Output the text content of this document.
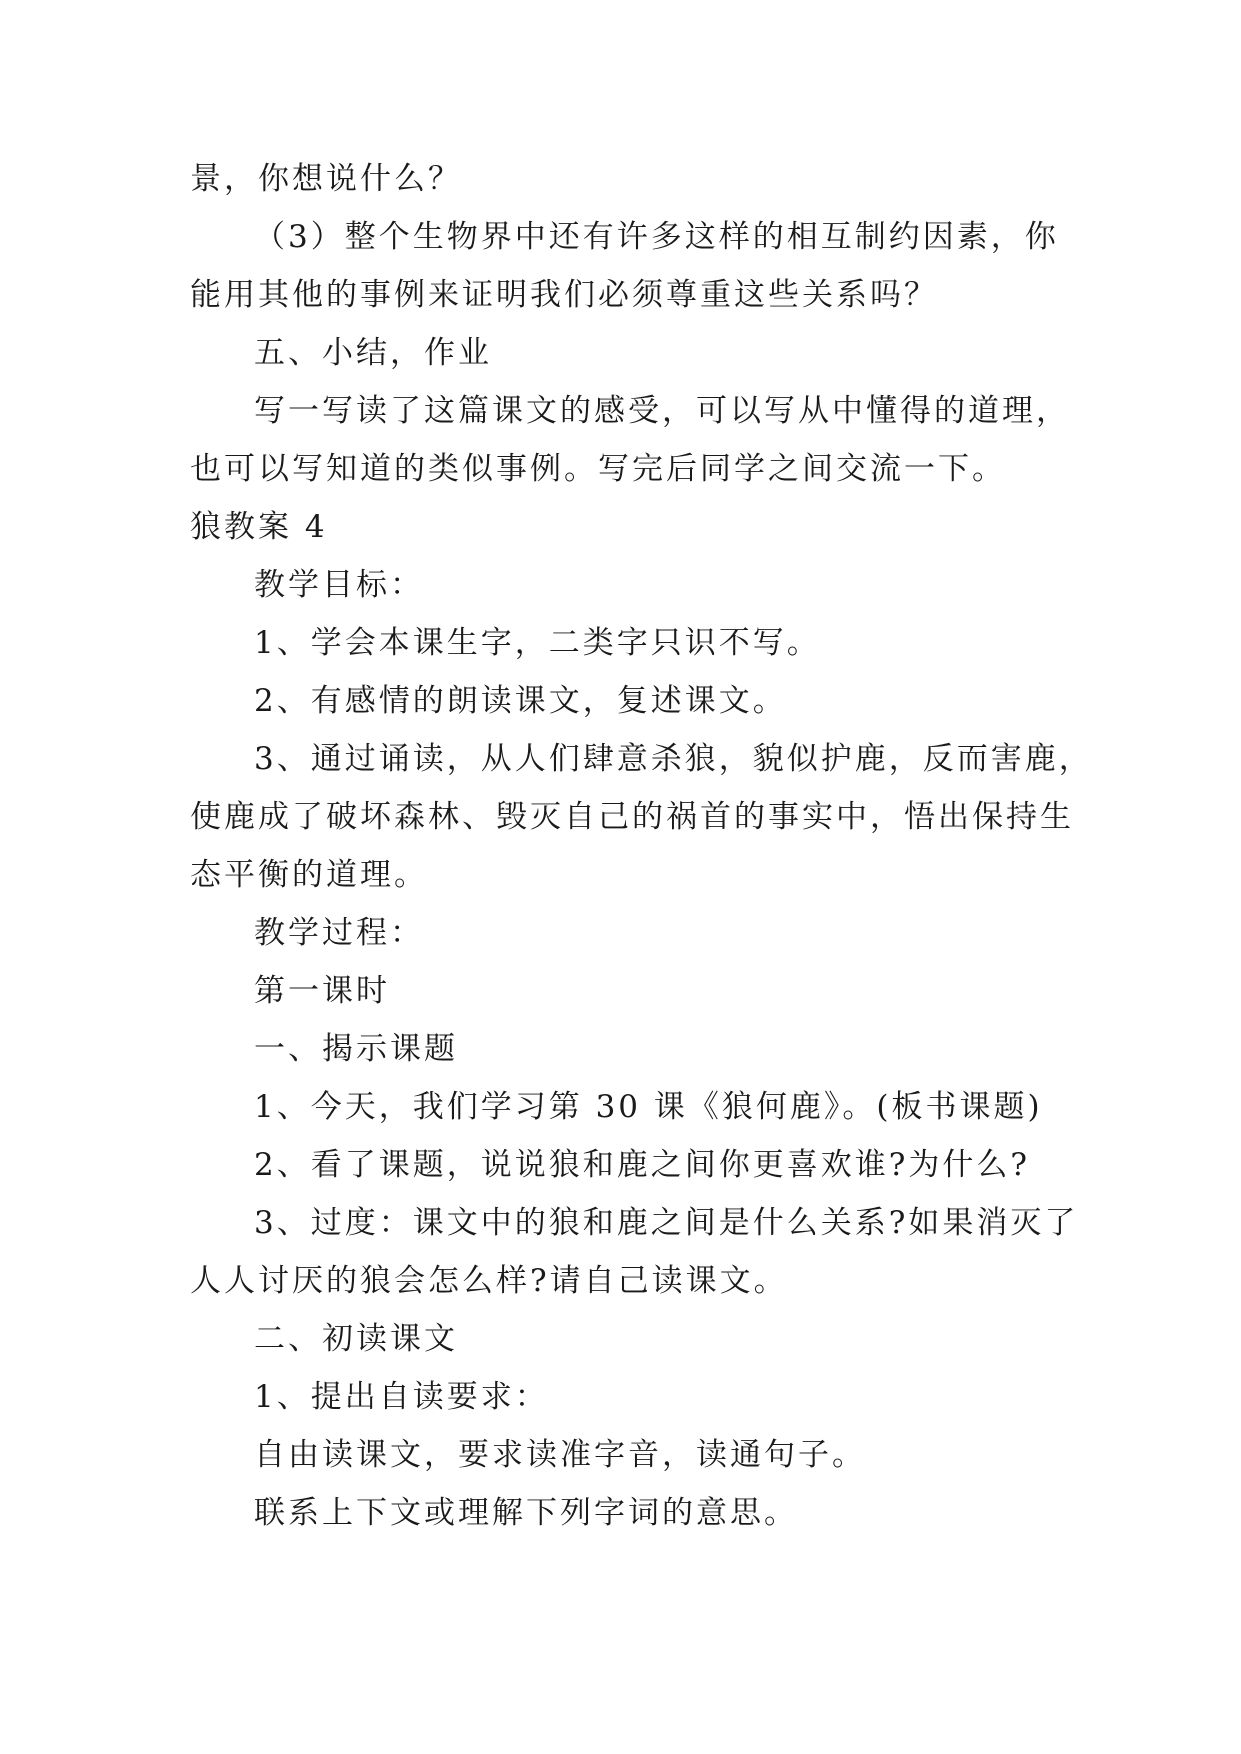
景，你想说什么？
（3）整个生物界中还有许多这样的相互制约因素，你
能用其他的事例来证明我们必须尊重这些关系吗？
五、小结，作业
写一写读了这篇课文的感受，可以写从中懂得的道理，
也可以写知道的类似事例。写完后同学之间交流一下。
狼教案 4
教学目标：
1、学会本课生字，二类字只识不写。
2、有感情的朗读课文，复述课文。
3、通过诵读，从人们肆意杀狼，貌似护鹿，反而害鹿，
使鹿成了破坏森林、毁灭自己的祸首的事实中，悟出保持生
态平衡的道理。
教学过程：
第一课时
一、揭示课题
1、今天，我们学习第 30 课《狼何鹿》。(板书课题)
2、看了课题，说说狼和鹿之间你更喜欢谁?为什么?
3、过度：课文中的狼和鹿之间是什么关系?如果消灭了
人人讨厌的狼会怎么样?请自己读课文。
二、初读课文
1、提出自读要求：
自由读课文，要求读准字音，读通句子。
联系上下文或理解下列字词的意思。
